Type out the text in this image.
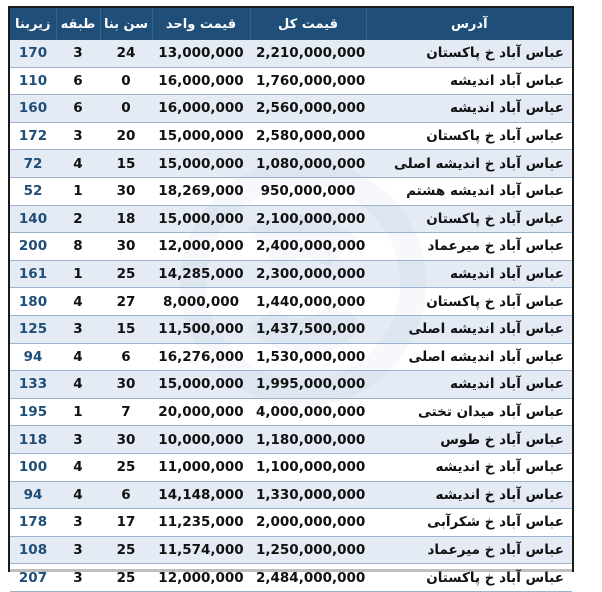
زیربنا	طبقه	سن بنا	قیمت واحد	قیمت کل	آدرس
170	3	24	13,000,000	2,210,000,000	عباس آباد خ پاکستان
110	6	0	16,000,000	1,760,000,000	عباس آباد اندیشه
160	6	0	16,000,000	2,560,000,000	عباس آباد اندیشه
172	3	20	15,000,000	2,580,000,000	عباس آباد خ پاکستان
72	4	15	15,000,000	1,080,000,000	عباس آباد خ اندیشه اصلی
52	1	30	18,269,000	950,000,000	عباس آباد اندیشه هشتم
140	2	18	15,000,000	2,100,000,000	عباس آباد خ پاکستان
200	8	30	12,000,000	2,400,000,000	عباس آباد خ میرعماد
161	1	25	14,285,000	2,300,000,000	عباس آباد اندیشه
180	4	27	8,000,000	1,440,000,000	عباس آباد خ پاکستان
125	3	15	11,500,000	1,437,500,000	عباس آباد اندیشه اصلی
94	4	6	16,276,000	1,530,000,000	عباس آباد اندیشه اصلی
133	4	30	15,000,000	1,995,000,000	عباس آباد اندیشه
195	1	7	20,000,000	4,000,000,000	عباس آباد میدان تختی
118	3	30	10,000,000	1,180,000,000	عباس آباد خ طوس
100	4	25	11,000,000	1,100,000,000	عباس آباد خ اندیشه
94	4	6	14,148,000	1,330,000,000	عباس آباد خ اندیشه
178	3	17	11,235,000	2,000,000,000	عباس آباد خ شکرآبی
108	3	25	11,574,000	1,250,000,000	عباس آباد خ میرعماد
207	3	25	12,000,000	2,484,000,000	عباس آباد خ پاکستان
